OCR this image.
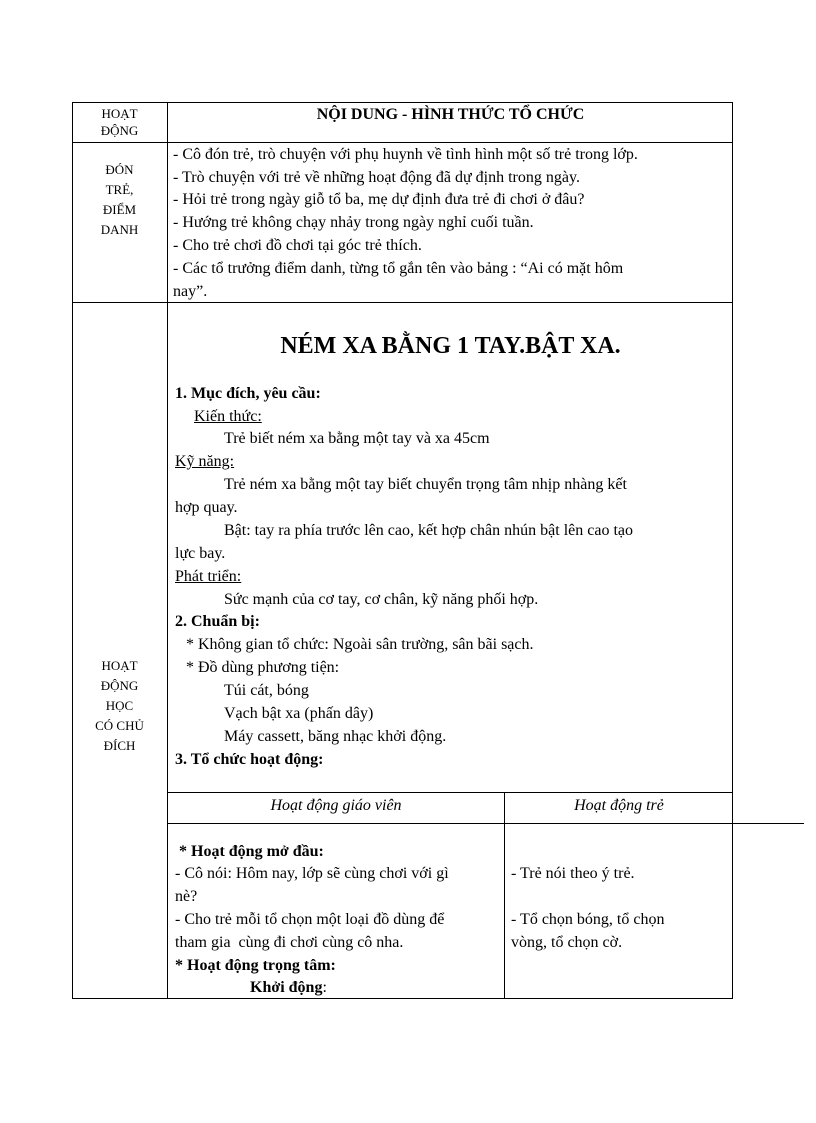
HOẠT
ĐỘNG
NỘI DUNG - HÌNH THỨC TỔ CHỨC
ĐÓN
TRẺ,
ĐIỂM
DANH
- Cô đón trẻ, trò chuyện với phụ huynh về tình hình một số trẻ trong lớp.
- Trò chuyện với trẻ về những hoạt động đã dự định trong ngày.
- Hỏi trẻ trong ngày giỗ tổ ba, mẹ dự định đưa trẻ đi chơi ở đâu?
- Hướng trẻ không chạy nhảy trong ngày nghỉ cuối tuần.
- Cho trẻ chơi đồ chơi tại góc trẻ thích.
- Các tổ trưởng điểm danh, từng tổ gắn tên vào bảng : “Ai có mặt hôm
nay”.
HOẠT
ĐỘNG
HỌC
CÓ CHỦ
ĐÍCH
NÉM XA BẰNG 1 TAY.BẬT XA.
1. Mục đích, yêu cầu:
Kiến thức:
Trẻ biết ném xa bằng một tay và xa 45cm
Kỹ năng:
Trẻ ném xa bằng một tay biết chuyển trọng tâm nhịp nhàng kết
hợp quay.
Bật: tay ra phía trước lên cao, kết hợp chân nhún bật lên cao tạo
lực bay.
Phát triển:
Sức mạnh của cơ tay, cơ chân, kỹ năng phối hợp.
2. Chuẩn bị:
* Không gian tổ chức: Ngoài sân trường, sân bãi sạch.
* Đồ dùng phương tiện:
Túi cát, bóng
Vạch bật xa (phấn dây)
Máy cassett, băng nhạc khởi động.
3. Tổ chức hoạt động:
Hoạt động giáo viên	Hoạt động trẻ
* Hoạt động mở đầu:
- Cô nói: Hôm nay, lớp sẽ cùng chơi với gì
nè?
- Cho trẻ mỗi tổ chọn một loại đồ dùng để
tham gia  cùng đi chơi cùng cô nha.
* Hoạt động trọng tâm:
Khởi động:
- Trẻ nói theo ý trẻ.
- Tổ chọn bóng, tổ chọn
vòng, tổ chọn cờ.
